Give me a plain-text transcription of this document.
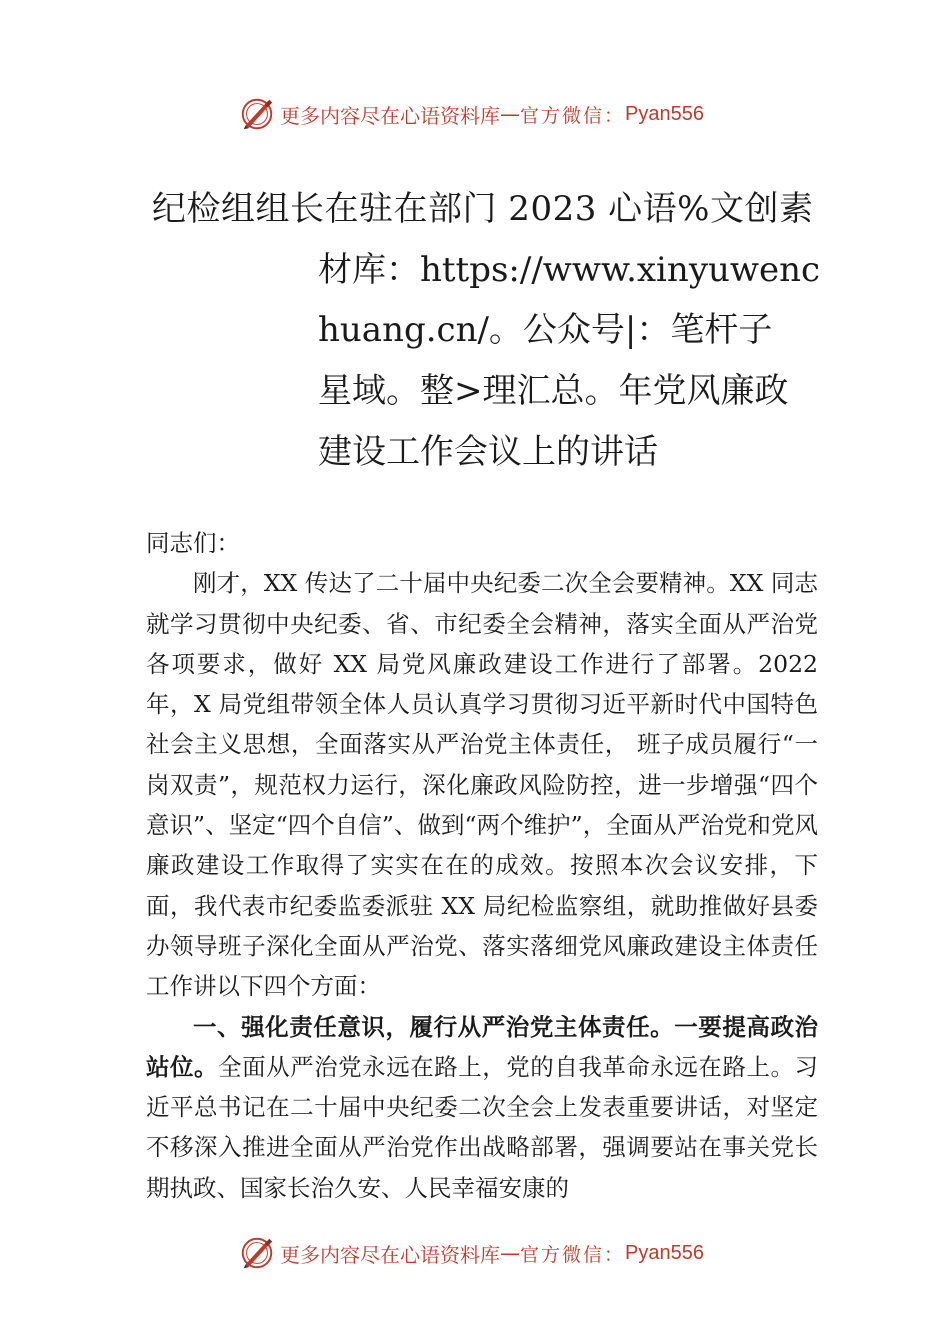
更多内容尽在心语资料库 — 官方微信： Pyan556
纪检组组长在驻在部门 2023 心语%文创素
材库：https://www.xinyuwenc
huang.cn/。公众号|：笔杆子
星域。整>理汇总。年党风廉政
建设工作会议上的讲话

同志们：

刚才，XX 传达了二十届中央纪委二次全会要精神。XX 同志就学习贯彻中央纪委、省、市纪委全会精神，落实全面从严治党各项要求，做好 XX 局党风廉政建设工作进行了部署。2022 年，X 局党组带领全体人员认真学习贯彻习近平新时代中国特色社会主义思想，全面落实从严治党主体责任， 班子成员履行“一岗双责”，规范权力运行，深化廉政风险防控，进一步增强“四个意识”、坚定“四个自信”、做到“两个维护”，全面从严治党和党风廉政建设工作取得了实实在在的成效。按照本次会议安排，下面，我代表市纪委监委派驻 XX 局纪检监察组，就助推做好县委办领导班子深化全面从严治党、落实落细党风廉政建设主体责任工作讲以下四个方面：

一、强化责任意识，履行从严治党主体责任。一要提高政治站位。全面从严治党永远在路上，党的自我革命永远在路上。习近平总书记在二十届中央纪委二次全会上发表重要讲话，对坚定不移深入推进全面从严治党作出战略部署，强调要站在事关党长期执政、国家长治久安、人民幸福安康的

更多内容尽在心语资料库 — 官方微信： Pyan556
